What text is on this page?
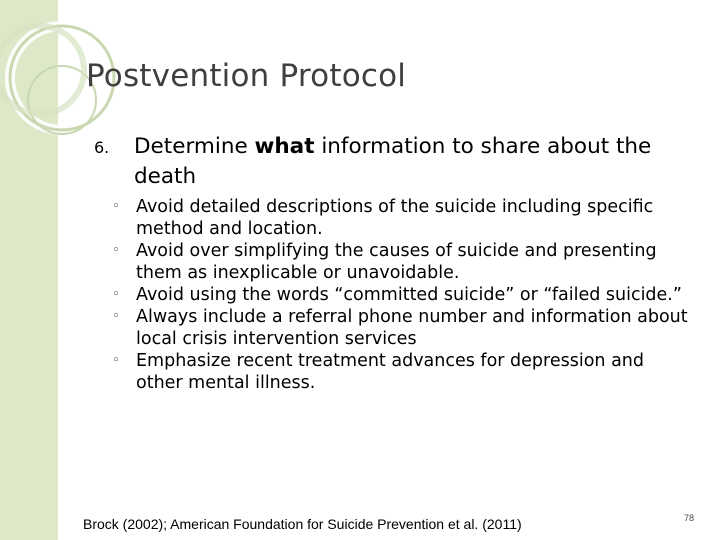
Postvention Protocol
6. Determine what information to share about the death
◦ Avoid detailed descriptions of the suicide including specific method and location.
◦ Avoid over simplifying the causes of suicide and presenting them as inexplicable or unavoidable.
◦ Avoid using the words “committed suicide” or “failed suicide.”
◦ Always include a referral phone number and information about local crisis intervention services
◦ Emphasize recent treatment advances for depression and other mental illness.
Brock (2002); American Foundation for Suicide Prevention et al. (2011)	78
